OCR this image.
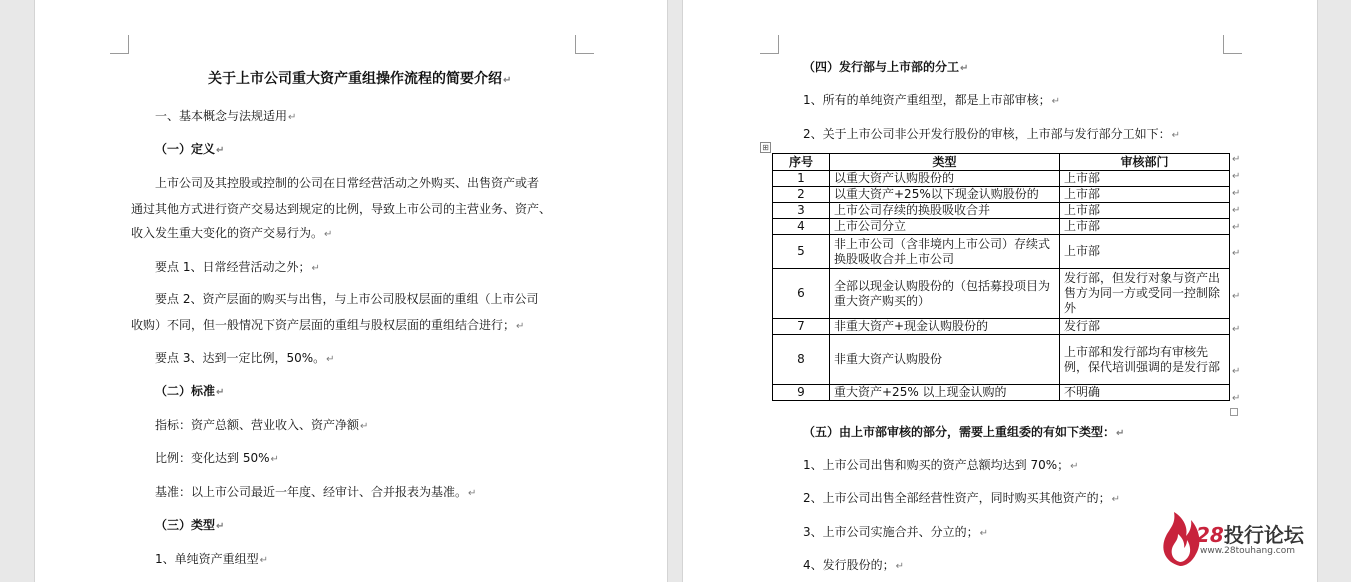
关于上市公司重大资产重组操作流程的简要介绍↵
一、基本概念与法规适用↵
（一）定义↵
上市公司及其控股或控制的公司在日常经营活动之外购买、出售资产或者
通过其他方式进行资产交易达到规定的比例，导致上市公司的主营业务、资产、
收入发生重大变化的资产交易行为。↵
要点 1、日常经营活动之外；↵
要点 2、资产层面的购买与出售，与上市公司股权层面的重组（上市公司
收购）不同，但一般情况下资产层面的重组与股权层面的重组结合进行；↵
要点 3、达到一定比例，50%。↵
（二）标准↵
指标：资产总额、营业收入、资产净额↵
比例：变化达到 50%↵
基准：以上市公司最近一年度、经审计、合并报表为基准。↵
（三）类型↵
1、单纯资产重组型↵
（四）发行部与上市部的分工↵
1、所有的单纯资产重组型，都是上市部审核；↵
2、关于上市公司非公开发行股份的审核，上市部与发行部分工如下：↵
⊞
序号	类型	审核部门
1	以重大资产认购股份的	上市部
2	以重大资产+25%以下现金认购股份的	上市部
3	上市公司存续的换股吸收合并	上市部
4	上市公司分立	上市部
5	非上市公司（含非境内上市公司）存续式换股吸收合并上市公司	上市部
6	全部以现金认购股份的（包括募投项目为重大资产购买的）	发行部，但发行对象与资产出售方为同一方或受同一控制除外
7	非重大资产+现金认购股份的	发行部
8	非重大资产认购股份	上市部和发行部均有审核先例，保代培训强调的是发行部
9	重大资产+25% 以上现金认购的	不明确
↵
↵
↵
↵
↵
↵
↵
↵
↵
↵
（五）由上市部审核的部分，需要上重组委的有如下类型：↵
1、上市公司出售和购买的资产总额均达到 70%；↵
2、上市公司出售全部经营性资产，同时购买其他资产的；↵
3、上市公司实施合并、分立的；↵
4、发行股份的；↵
28投行论坛
www.28touhang.com
